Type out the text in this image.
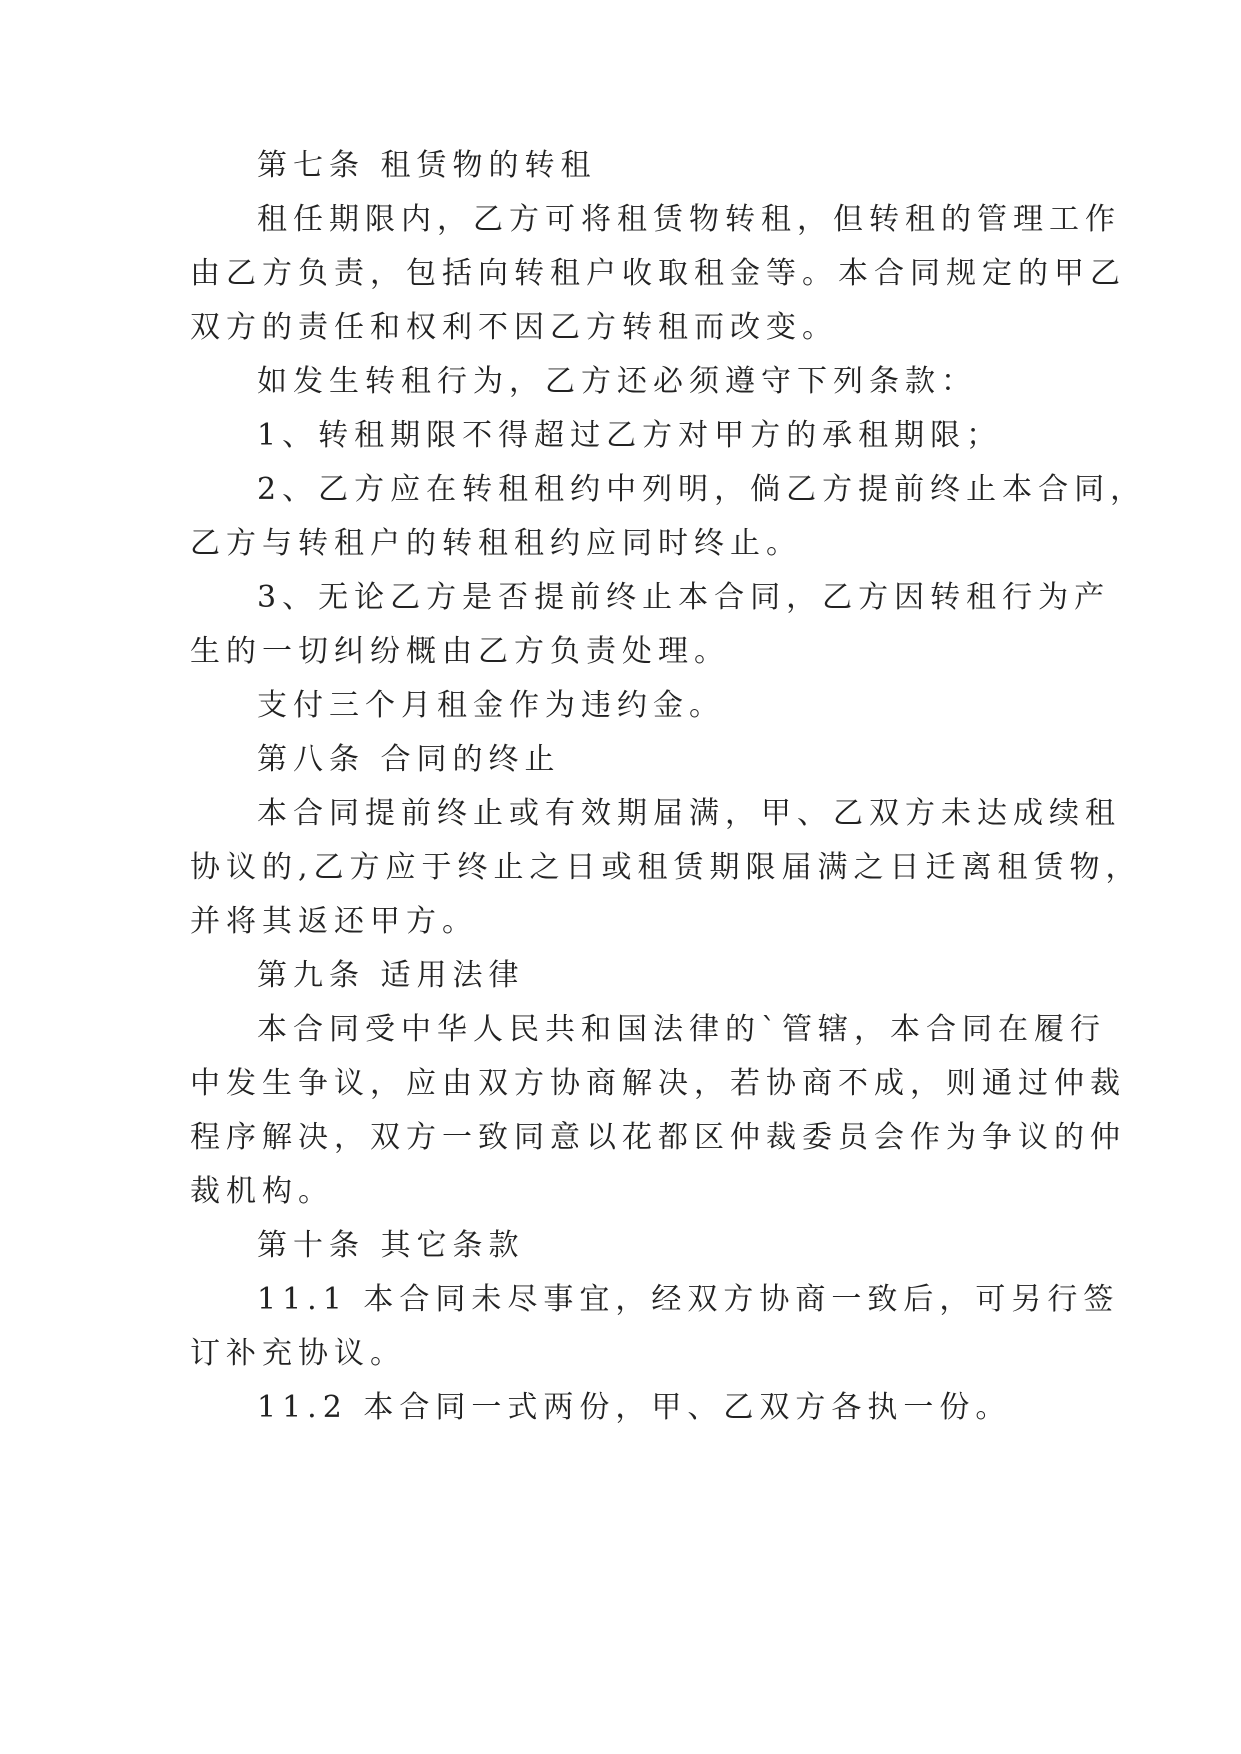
第七条 租赁物的转租
租任期限内，乙方可将租赁物转租，但转租的管理工作
由乙方负责，包括向转租户收取租金等。本合同规定的甲乙
双方的责任和权利不因乙方转租而改变。
如发生转租行为，乙方还必须遵守下列条款：
1、转租期限不得超过乙方对甲方的承租期限；
2、乙方应在转租租约中列明，倘乙方提前终止本合同，
乙方与转租户的转租租约应同时终止。
3、无论乙方是否提前终止本合同，乙方因转租行为产
生的一切纠纷概由乙方负责处理。
支付三个月租金作为违约金。
第八条 合同的终止
本合同提前终止或有效期届满，甲、乙双方未达成续租
协议的,乙方应于终止之日或租赁期限届满之日迁离租赁物，
并将其返还甲方。
第九条 适用法律
本合同受中华人民共和国法律的`管辖，本合同在履行
中发生争议，应由双方协商解决，若协商不成，则通过仲裁
程序解决，双方一致同意以花都区仲裁委员会作为争议的仲
裁机构。
第十条 其它条款
11.1 本合同未尽事宜，经双方协商一致后，可另行签
订补充协议。
11.2 本合同一式两份，甲、乙双方各执一份。
